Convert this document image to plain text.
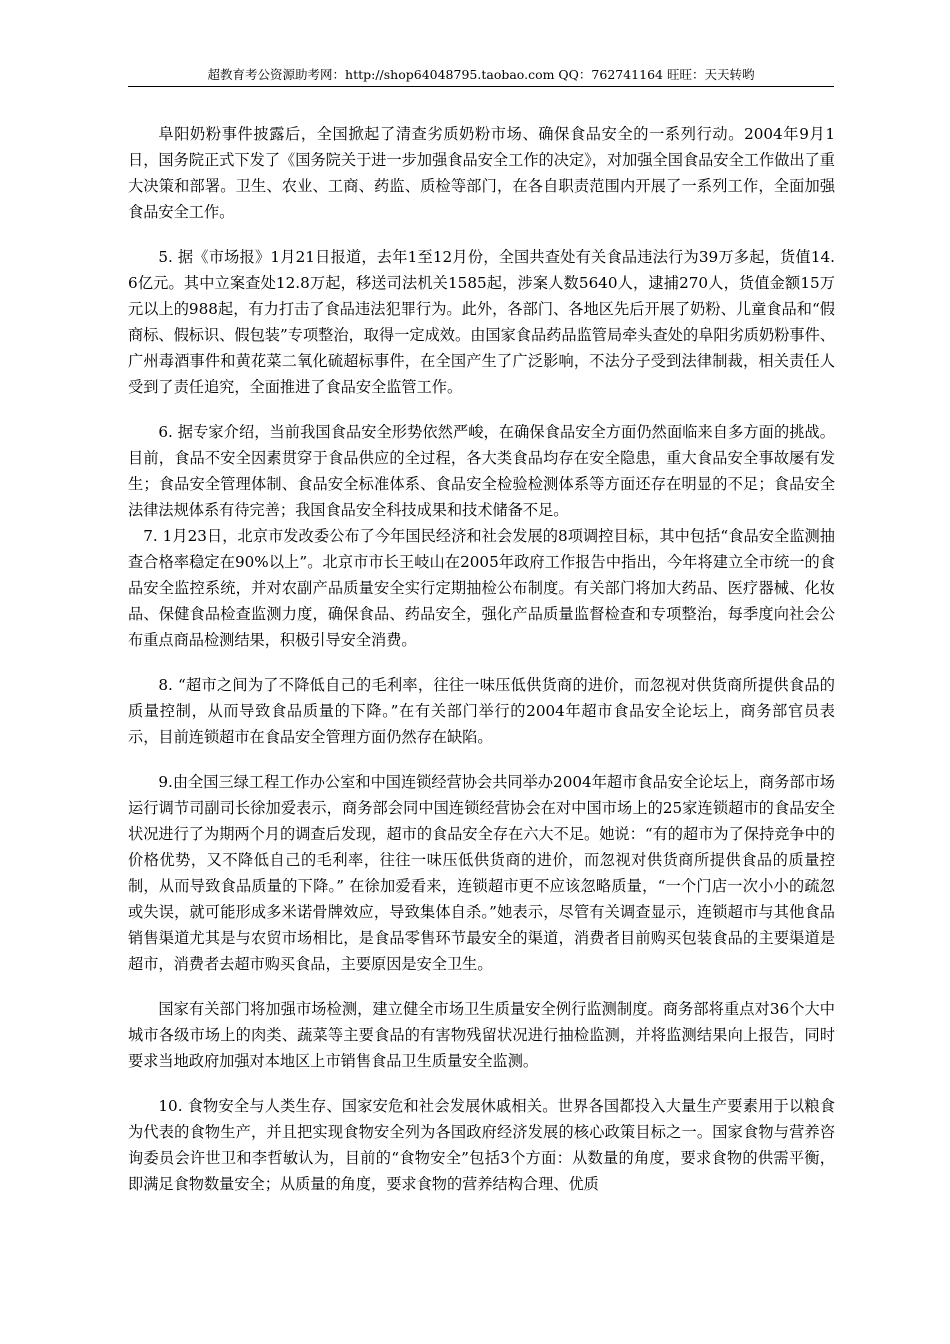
超教育考公资源助考网：http://shop64048795.taobao.com QQ：762741164 旺旺：天天转哟

阜阳奶粉事件披露后，全国掀起了清查劣质奶粉市场、确保食品安全的一系列行动。2004年9月1日，国务院正式下发了《国务院关于进一步加强食品安全工作的决定》，对加强全国食品安全工作做出了重大决策和部署。卫生、农业、工商、药监、质检等部门，在各自职责范围内开展了一系列工作，全面加强食品安全工作。

5. 据《市场报》1月21日报道，去年1至12月份，全国共查处有关食品违法行为39万多起，货值14.6亿元。其中立案查处12.8万起，移送司法机关1585起，涉案人数5640人，逮捕270人，货值金额15万元以上的988起，有力打击了食品违法犯罪行为。此外，各部门、各地区先后开展了奶粉、儿童食品和“假商标、假标识、假包装”专项整治，取得一定成效。由国家食品药品监管局牵头查处的阜阳劣质奶粉事件、广州毒酒事件和黄花菜二氧化硫超标事件，在全国产生了广泛影响，不法分子受到法律制裁，相关责任人受到了责任追究，全面推进了食品安全监管工作。

6. 据专家介绍，当前我国食品安全形势依然严峻，在确保食品安全方面仍然面临来自多方面的挑战。目前，食品不安全因素贯穿于食品供应的全过程，各大类食品均存在安全隐患，重大食品安全事故屡有发生；食品安全管理体制、食品安全标准体系、食品安全检验检测体系等方面还存在明显的不足；食品安全法律法规体系有待完善；我国食品安全科技成果和技术储备不足。

7. 1月23日，北京市发改委公布了今年国民经济和社会发展的8项调控目标，其中包括“食品安全监测抽查合格率稳定在90%以上”。北京市市长王岐山在2005年政府工作报告中指出，今年将建立全市统一的食品安全监控系统，并对农副产品质量安全实行定期抽检公布制度。有关部门将加大药品、医疗器械、化妆品、保健食品检查监测力度，确保食品、药品安全，强化产品质量监督检查和专项整治，每季度向社会公布重点商品检测结果，积极引导安全消费。

8. “超市之间为了不降低自己的毛利率，往往一味压低供货商的进价，而忽视对供货商所提供食品的质量控制，从而导致食品质量的下降。”在有关部门举行的2004年超市食品安全论坛上，商务部官员表示，目前连锁超市在食品安全管理方面仍然存在缺陷。

9.由全国三绿工程工作办公室和中国连锁经营协会共同举办2004年超市食品安全论坛上，商务部市场运行调节司副司长徐加爱表示，商务部会同中国连锁经营协会在对中国市场上的25家连锁超市的食品安全状况进行了为期两个月的调查后发现，超市的食品安全存在六大不足。她说：“有的超市为了保持竞争中的价格优势，又不降低自己的毛利率，往往一味压低供货商的进价，而忽视对供货商所提供食品的质量控制，从而导致食品质量的下降。” 在徐加爱看来，连锁超市更不应该忽略质量，“一个门店一次小小的疏忽或失误，就可能形成多米诺骨牌效应，导致集体自杀。”她表示，尽管有关调查显示，连锁超市与其他食品销售渠道尤其是与农贸市场相比，是食品零售环节最安全的渠道，消费者目前购买包装食品的主要渠道是超市，消费者去超市购买食品，主要原因是安全卫生。

国家有关部门将加强市场检测，建立健全市场卫生质量安全例行监测制度。商务部将重点对36个大中城市各级市场上的肉类、蔬菜等主要食品的有害物残留状况进行抽检监测，并将监测结果向上报告，同时要求当地政府加强对本地区上市销售食品卫生质量安全监测。

10. 食物安全与人类生存、国家安危和社会发展休戚相关。世界各国都投入大量生产要素用于以粮食为代表的食物生产，并且把实现食物安全列为各国政府经济发展的核心政策目标之一。国家食物与营养咨询委员会许世卫和李哲敏认为，目前的“食物安全”包括3个方面：从数量的角度，要求食物的供需平衡，即满足食物数量安全；从质量的角度，要求食物的营养结构合理、优质
